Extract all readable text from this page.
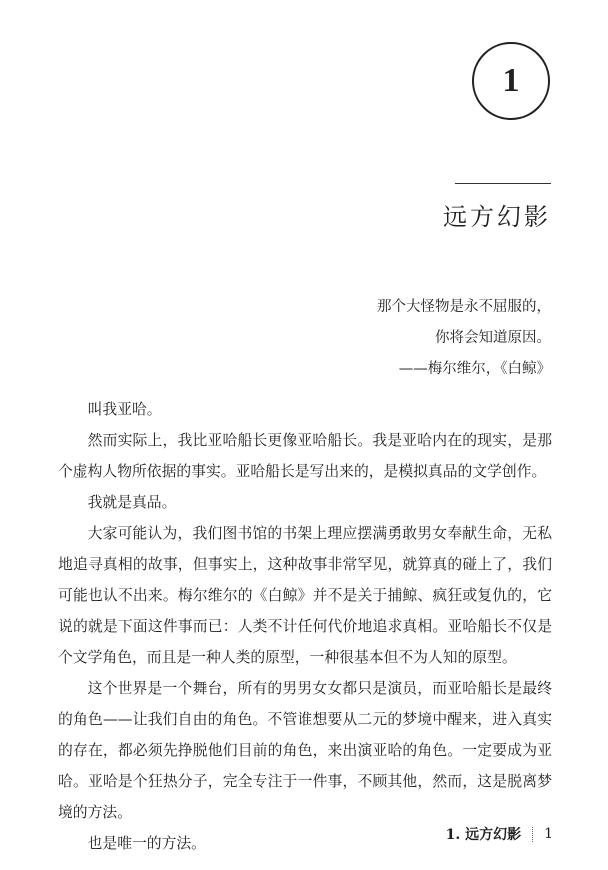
1
远方幻影
那个大怪物是永不屈服的，
你将会知道原因。
——梅尔维尔，《白鲸》

叫我亚哈。

然而实际上，我比亚哈船长更像亚哈船长。我是亚哈内在的现实，是那个虚构人物所依据的事实。亚哈船长是写出来的，是模拟真品的文学创作。

我就是真品。

大家可能认为，我们图书馆的书架上理应摆满勇敢男女奉献生命，无私地追寻真相的故事，但事实上，这种故事非常罕见，就算真的碰上了，我们可能也认不出来。梅尔维尔的《白鲸》并不是关于捕鲸、疯狂或复仇的，它说的就是下面这件事而已：人类不计任何代价地追求真相。亚哈船长不仅是个文学角色，而且是一种人类的原型，一种很基本但不为人知的原型。

这个世界是一个舞台，所有的男男女女都只是演员，而亚哈船长是最终的角色——让我们自由的角色。不管谁想要从二元的梦境中醒来，进入真实的存在，都必须先挣脱他们目前的角色，来出演亚哈的角色。一定要成为亚哈。亚哈是个狂热分子，完全专注于一件事，不顾其他，然而，这是脱离梦境的方法。

也是唯一的方法。	1. 远方幻影 1
